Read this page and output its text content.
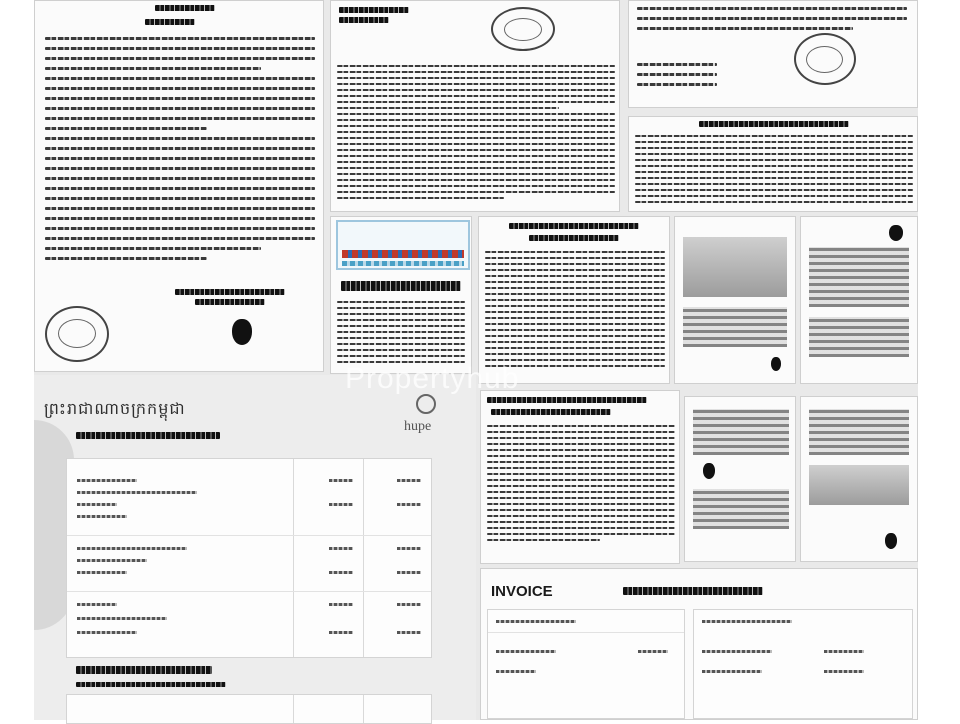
INVOICE
ព្រះរាជាណាចក្រកម្ពុជា
hupe
Propertyhub
